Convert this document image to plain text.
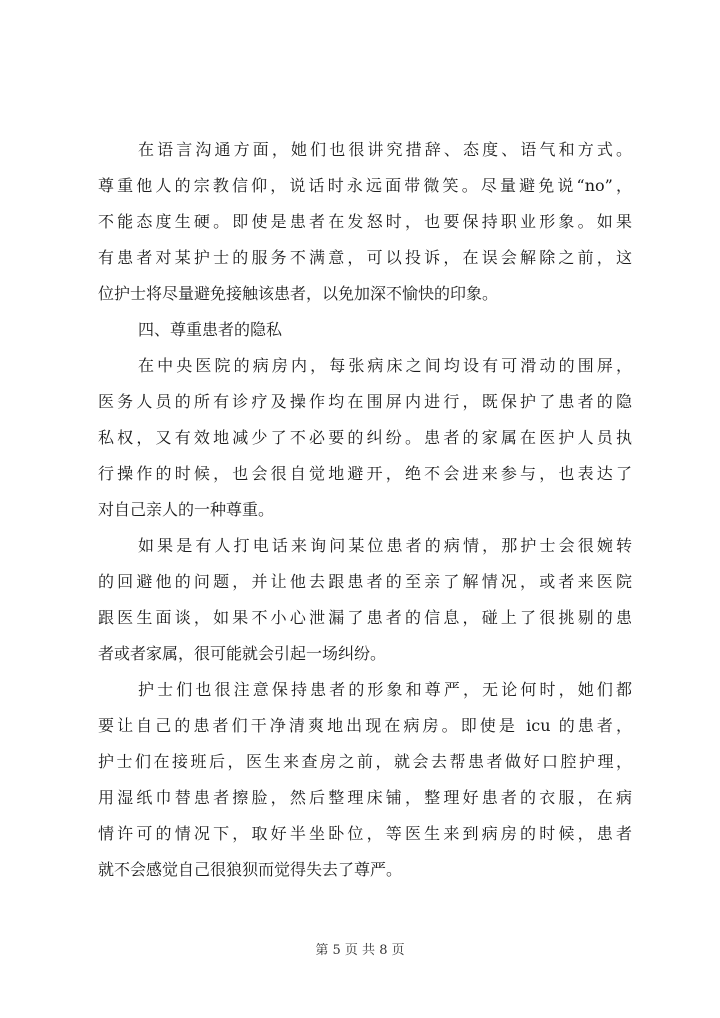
在语言沟通方面，她们也很讲究措辞、态度、语气和方式。
尊重他人的宗教信仰，说话时永远面带微笑。尽量避免说“no”，
不能态度生硬。即使是患者在发怒时，也要保持职业形象。如果
有患者对某护士的服务不满意，可以投诉，在误会解除之前，这
位护士将尽量避免接触该患者，以免加深不愉快的印象。
四、尊重患者的隐私
在中央医院的病房内，每张病床之间均设有可滑动的围屏，
医务人员的所有诊疗及操作均在围屏内进行，既保护了患者的隐
私权，又有效地减少了不必要的纠纷。患者的家属在医护人员执
行操作的时候，也会很自觉地避开，绝不会进来参与，也表达了
对自己亲人的一种尊重。
如果是有人打电话来询问某位患者的病情，那护士会很婉转
的回避他的问题，并让他去跟患者的至亲了解情况，或者来医院
跟医生面谈，如果不小心泄漏了患者的信息，碰上了很挑剔的患
者或者家属，很可能就会引起一场纠纷。
护士们也很注意保持患者的形象和尊严，无论何时，她们都
要让自己的患者们干净清爽地出现在病房。即使是 icu 的患者，
护士们在接班后，医生来查房之前，就会去帮患者做好口腔护理，
用湿纸巾替患者擦脸，然后整理床铺，整理好患者的衣服，在病
情许可的情况下，取好半坐卧位，等医生来到病房的时候，患者
就不会感觉自己很狼狈而觉得失去了尊严。
第 5 页 共 8 页
